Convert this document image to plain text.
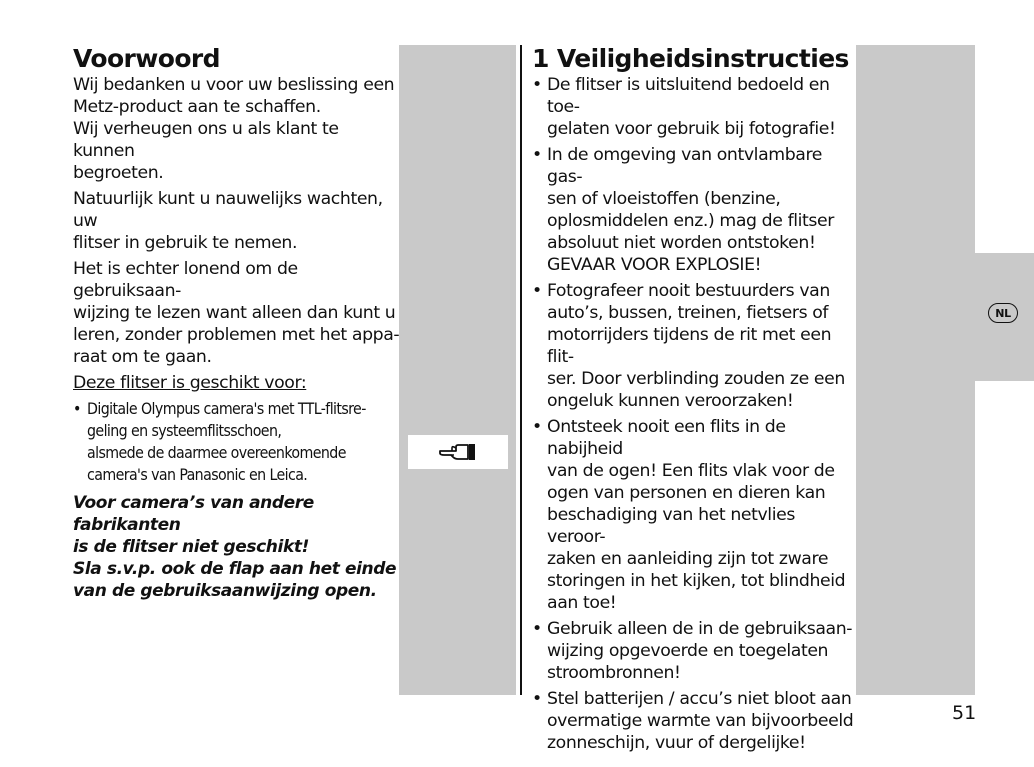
NL
Voorwoord

Wij bedanken u voor uw beslissing een
Metz-product aan te schaffen.
Wij verheugen ons u als klant te kunnen
begroeten.

Natuurlijk kunt u nauwelijks wachten, uw
flitser in gebruik te nemen.

Het is echter lonend om de gebruiksaan-
wijzing te lezen want alleen dan kunt u
leren, zonder problemen met het appa-
raat om te gaan.

Deze flitser is geschikt voor:

• Digitale Olympus camera's met TTL-flitsre-
geling en systeemflitsschoen,
alsmede de daarmee overeenkomende
camera's van Panasonic en Leica.
Voor camera’s van andere fabrikanten
is de flitser niet geschikt!
Sla s.v.p. ook de flap aan het einde
van de gebruiksaanwijzing open.
1 Veiligheidsinstructies
• De flitser is uitsluitend bedoeld en toe-
gelaten voor gebruik bij fotografie!
• In de omgeving van ontvlambare gas-
sen of vloeistoffen (benzine,
oplosmiddelen enz.) mag de flitser
absoluut niet worden ontstoken!
GEVAAR VOOR EXPLOSIE!
• Fotografeer nooit bestuurders van
auto’s, bussen, treinen, fietsers of
motorrijders tijdens de rit met een flit-
ser. Door verblinding zouden ze een
ongeluk kunnen veroorzaken!
• Ontsteek nooit een flits in de nabijheid
van de ogen! Een flits vlak voor de
ogen van personen en dieren kan
beschadiging van het netvlies veroor-
zaken en aanleiding zijn tot zware
storingen in het kijken, tot blindheid
aan toe!
• Gebruik alleen de in de gebruiksaan-
wijzing opgevoerde en toegelaten
stroombronnen!
• Stel batterijen / accu’s niet bloot aan
overmatige warmte van bijvoorbeeld
zonneschijn, vuur of dergelijke!
51
